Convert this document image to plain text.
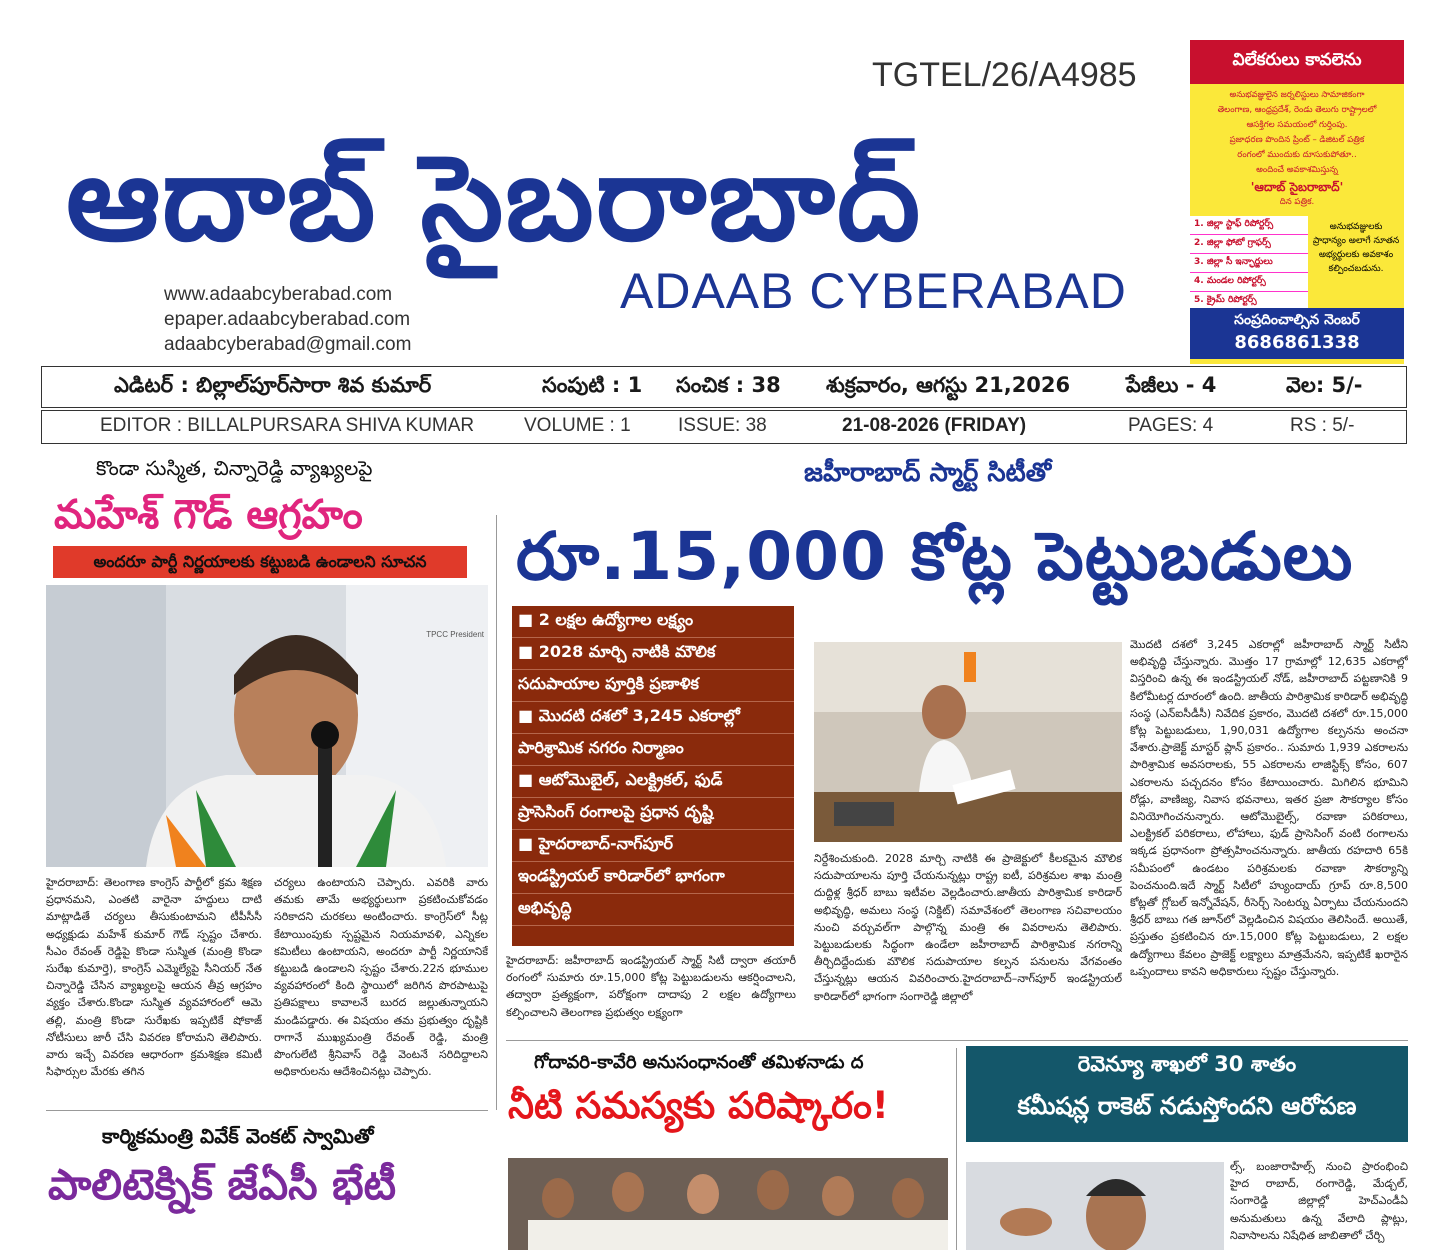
TGTEL/26/A4985
ఆదాబ్ సైబరాబాద్
ADAAB CYBERABAD
www.adaabcyberabad.com
epaper.adaabcyberabad.com
adaabcyberabad@gmail.com
విలేకరులు కావలెను
అనుభవజ్ఞులైన జర్నలిస్టులు సామాజికంగా
తెలంగాణ, ఆంధ్రప్రదేశ్, రెండు తెలుగు రాష్ట్రాలలో
ఆసక్తిగల సమయంలో గుర్తింపు.
ప్రజాధరణ పొందిన ప్రింట్ – డిజిటల్ పత్రిక
రంగంలో ముందుకు దూసుకుపోతూ..
అందించే అవకాశమిస్తున్న
'ఆదాబ్ సైబరాబాద్'
దిన పత్రిక.
1. జిల్లా స్టాఫ్ రిపోర్టర్స్
2. జిల్లా ఫోటో గ్రాఫర్స్
3. జిల్లా సీ ఇన్ఛార్జులు
4. మండల రిపోర్టర్స్
5. క్రైమ్ రిపోర్టర్స్
అనుభవజ్ఞులకు ప్రాధాన్యం అలాగే నూతన అభ్యర్థులకు అవకాశం కల్పించబడును.
సంప్రదించాల్సిన నెంబర్
8686861338
ఎడిటర్ : బిల్లాల్‌పూర్‌సారా శివ కుమార్	సంపుటి : 1 సంచిక : 38 శుక్రవారం, ఆగస్టు 21,2026	పేజీలు - 4	వెల: 5/-
EDITOR : BILLALPURSARA SHIVA KUMAR	VOLUME : 1 ISSUE: 38	21-08-2026 (FRIDAY)	PAGES: 4	RS : 5/-
కొండా సుస్మిత, చిన్నారెడ్డి వ్యాఖ్యలపై
మహేశ్ గౌడ్ ఆగ్రహం
అందరూ పార్టీ నిర్ణయాలకు కట్టుబడి ఉండాలని సూచన
TPCC President
హైదరాబాద్: తెలంగాణ కాంగ్రెస్ పార్టీలో క్రమ శిక్షణ ప్రధానమని, ఎంతటి వారైనా హద్దులు దాటి మాట్లాడితే చర్యలు తీసుకుంటామని టీపీసీసీ అధ్యక్షుడు మహేశ్ కుమార్ గౌడ్ స్పష్టం చేశారు. సీఎం రేవంత్ రెడ్డిపై కొండా సుస్మిత (మంత్రి కొండా సురేఖ కుమార్తె), కాంగ్రెస్ ఎమ్మెల్యేపై సీనియర్ నేత చిన్నారెడ్డి చేసిన వ్యాఖ్యలపై ఆయన తీవ్ర ఆగ్రహం వ్యక్తం చేశారు.కొండా సుస్మిత వ్యవహారంలో ఆమె తల్లి, మంత్రి కొండా సురేఖకు ఇప్పటికే షోకాజ్ నోటీసులు జారీ చేసి వివరణ కోరామని తెలిపారు. వారు ఇచ్చే వివరణ ఆధారంగా క్రమశిక్షణ కమిటీ సిఫార్సుల మేరకు తగిన
చర్యలు ఉంటాయని చెప్పారు. ఎవరికి వారు తమకు తామే అభ్యర్థులుగా ప్రకటించుకోవడం సరికాదని చురకలు అంటించారు. కాంగ్రెస్‌లో సీట్ల కేటాయింపుకు స్పష్టమైన నియమావళి, ఎన్నికల కమిటీలు ఉంటాయని, అందరూ పార్టీ నిర్ణయానికే కట్టుబడి ఉండాలని స్పష్టం చేశారు.22న భూముల వ్యవహారంలో కింది స్థాయిలో జరిగిన పొరపాటుపై ప్రతిపక్షాలు కావాలనే బురద జల్లుతున్నాయని మండిపడ్డారు. ఈ విషయం తమ ప్రభుత్వం దృష్టికి రాగానే ముఖ్యమంత్రి రేవంత్ రెడ్డి, మంత్రి పొంగులేటి శ్రీనివాస్ రెడ్డి వెంటనే సరిదిద్దాలని అధికారులను ఆదేశించినట్లు చెప్పారు.
జహీరాబాద్ స్మార్ట్ సిటీతో
రూ.15,000 కోట్ల పెట్టుబడులు
■ 2 లక్షల ఉద్యోగాల లక్ష్యం
■ 2028 మార్చి నాటికి మౌలిక
సదుపాయాల పూర్తికి ప్రణాళిక
■ మొదటి దశలో 3,245 ఎకరాల్లో
పారిశ్రామిక నగరం నిర్మాణం
■ ఆటోమొబైల్, ఎలక్ట్రికల్, ఫుడ్
ప్రాసెసింగ్ రంగాలపై ప్రధాన దృష్టి
■ హైదరాబాద్-నాగ్‌పూర్
ఇండస్ట్రియల్ కారిడార్‌లో భాగంగా
అభివృద్ధి
హైదరాబాద్: జహీరాబాద్ ఇండస్ట్రియల్ స్మార్ట్ సిటీ ద్వారా తయారీ రంగంలో సుమారు రూ.15,000 కోట్ల పెట్టుబడులను ఆకర్షించాలని, తద్వారా ప్రత్యక్షంగా, పరోక్షంగా దాదాపు 2 లక్షల ఉద్యోగాలు కల్పించాలని తెలంగాణ ప్రభుత్వం లక్ష్యంగా
నిర్దేశించుకుంది. 2028 మార్చి నాటికి ఈ ప్రాజెక్టులో కీలకమైన మౌలిక సదుపాయాలను పూర్తి చేయనున్నట్లు రాష్ట్ర ఐటీ, పరిశ్రమల శాఖ మంత్రి దుద్దిళ్ల శ్రీధర్ బాబు ఇటీవల వెల్లడించారు.జాతీయ పారిశ్రామిక కారిడార్ అభివృద్ధి, అమలు సంస్థ (నిక్డిట్) సమావేశంలో తెలంగాణ సచివాలయం నుంచి వర్చువల్‌గా పాల్గొన్న మంత్రి ఈ వివరాలను తెలిపారు. పెట్టుబడులకు సిద్ధంగా ఉండేలా జహీరాబాద్ పారిశ్రామిక నగరాన్ని తీర్చిదిద్దేందుకు మౌలిక సదుపాయాల కల్పన పనులను వేగవంతం చేస్తున్నట్లు ఆయన వివరించారు.హైదరాబాద్–నాగ్‌పూర్ ఇండస్ట్రియల్ కారిడార్‌లో భాగంగా సంగారెడ్డి జిల్లాలో
మొదటి దశలో 3,245 ఎకరాల్లో జహీరాబాద్ స్మార్ట్ సిటీని అభివృద్ధి చేస్తున్నారు. మొత్తం 17 గ్రామాల్లో 12,635 ఎకరాల్లో విస్తరించి ఉన్న ఈ ఇండస్ట్రియల్ నోడ్, జహీరాబాద్ పట్టణానికి 9 కిలోమీటర్ల దూరంలో ఉంది. జాతీయ పారిశ్రామిక కారిడార్ అభివృద్ధి సంస్థ (ఎన్ఐసీడీసీ) నివేదిక ప్రకారం, మొదటి దశలో రూ.15,000 కోట్ల పెట్టుబడులు, 1,90,031 ఉద్యోగాల కల్పనను అంచనా వేశారు.ప్రాజెక్ట్ మాస్టర్ ప్లాన్ ప్రకారం.. సుమారు 1,939 ఎకరాలను పారిశ్రామిక అవసరాలకు, 55 ఎకరాలను లాజిస్టిక్స్ కోసం, 607 ఎకరాలను పచ్చదనం కోసం కేటాయించారు. మిగిలిన భూమిని రోడ్లు, వాణిజ్య, నివాస భవనాలు, ఇతర ప్రజా సౌకర్యాల కోసం వినియోగించనున్నారు. ఆటోమొబైల్స్, రవాణా పరికరాలు, ఎలక్ట్రికల్ పరికరాలు, లోహాలు, ఫుడ్ ప్రాసెసింగ్ వంటి రంగాలను ఇక్కడ ప్రధానంగా ప్రోత్సహించనున్నారు. జాతీయ రహదారి 65కి సమీపంలో ఉండటం పరిశ్రమలకు రవాణా సౌకర్యాన్ని పెంచనుంది.ఇదే స్మార్ట్ సిటీలో హ్యుందాయ్ గ్రూప్ రూ.8,500 కోట్లతో గ్లోబల్ ఇన్నోవేషన్, రీసెర్చ్ సెంటర్ను ఏర్పాటు చేయనుందని శ్రీధర్ బాబు గత జూన్‌లో వెల్లడించిన విషయం తెలిసిందే. అయితే, ప్రస్తుతం ప్రకటించిన రూ.15,000 కోట్ల పెట్టుబడులు, 2 లక్షల ఉద్యోగాలు కేవలం ప్రాజెక్ట్ లక్ష్యాలు మాత్రమేనని, ఇప్పటికే ఖరారైన ఒప్పందాలు కావని అధికారులు స్పష్టం చేస్తున్నారు.
కార్మికమంత్రి వివేక్ వెంకట్ స్వామితో
పాలిటెక్నిక్ జేఏసీ భేటీ
గోదావరి-కావేరి అనుసంధానంతో తమిళనాడు ద
నీటి సమస్యకు పరిష్కారం!
రెవెన్యూ శాఖలో 30 శాతం
కమీషన్ల రాకెట్ నడుస్తోందని ఆరోపణ
ల్స్, బంజారాహిల్స్ నుంచి ప్రారంభించి హైద రాబాద్, రంగారెడ్డి, మేడ్చల్, సంగారెడ్డి జిల్లాల్లో హెచ్ఎండీఏ అనుమతులు ఉన్న వేలాది ప్లాట్లు, నివాసాలను నిషేధిత జాబితాలో చేర్చి
